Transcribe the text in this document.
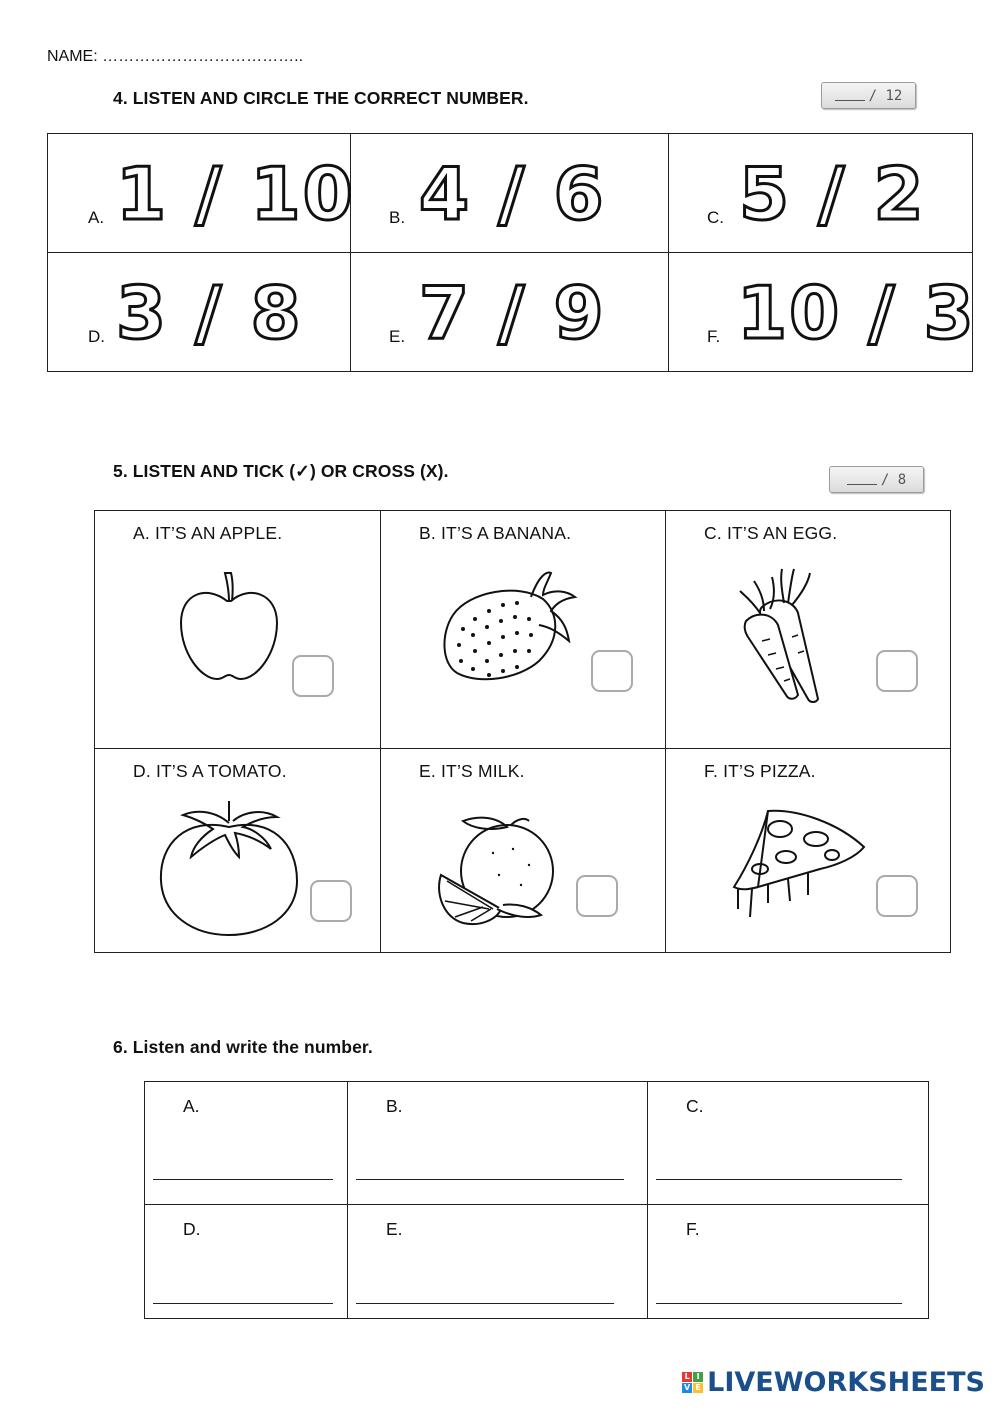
NAME: ………………………………..
4. LISTEN AND CIRCLE THE CORRECT NUMBER.	/ 12
A. 1 / 10	B. 4 / 6	C. 5 / 2

D. 3 / 8	E. 7 / 9	F. 10 / 3
5. LISTEN AND TICK (✓) OR CROSS (X).	/ 8
A. IT’S AN APPLE.	B. IT’S A BANANA.	C. IT’S AN EGG.

D. IT’S A TOMATO.	E. IT’S MILK.	F. IT’S PIZZA.
6. Listen and write the number.
A.	B.	C.

D.	E.	F.
L I
V E LIVEWORKSHEETS
